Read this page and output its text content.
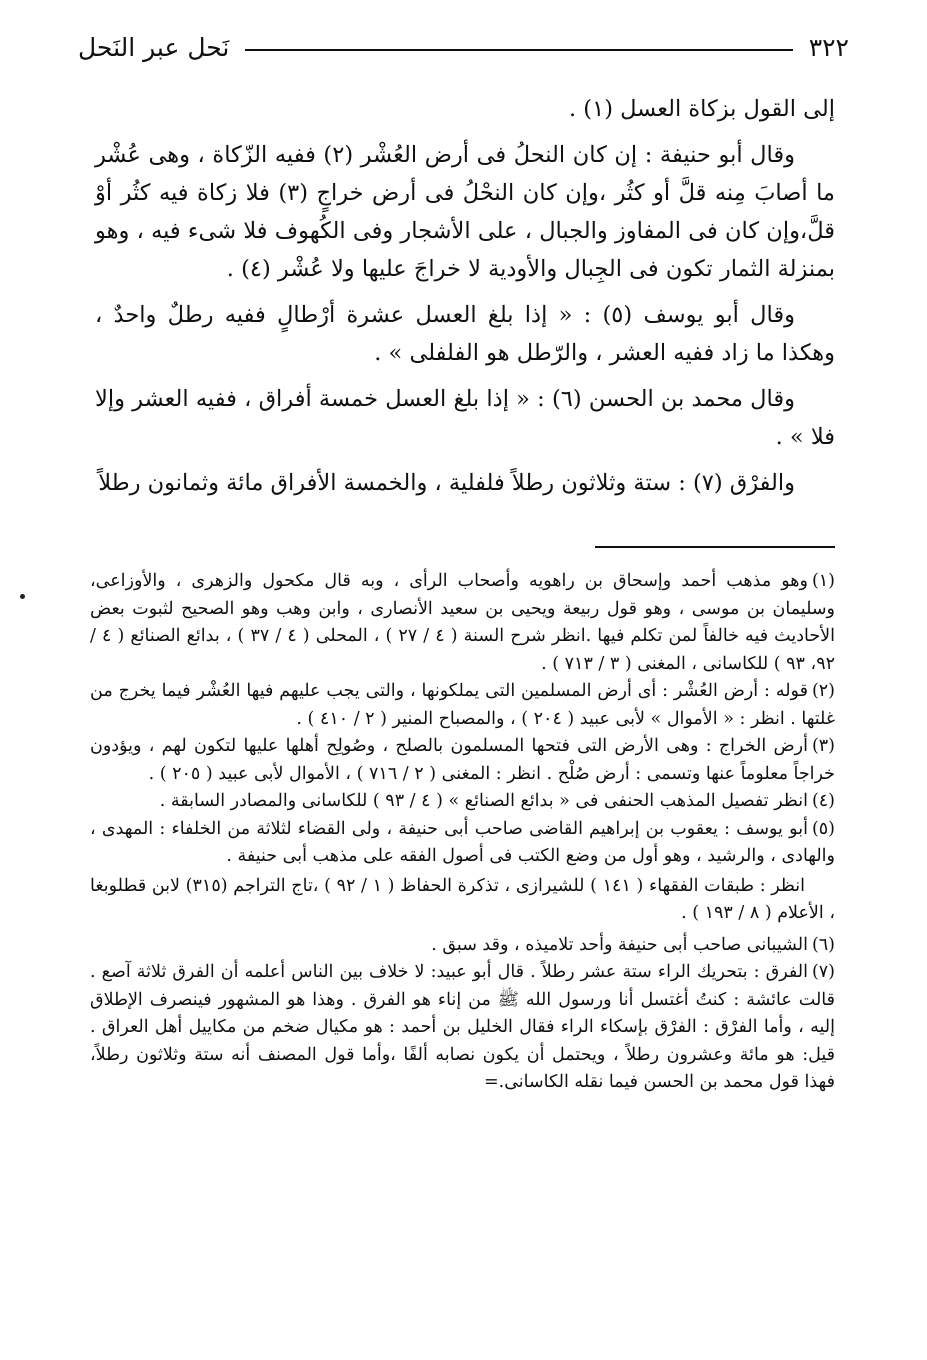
٣٢٢
نَحل عبر النَحل

إلى القول بزكاة العسل (١) .

وقال أبو حنيفة : إن كان النحلُ فى أرض العُشْر (٢) ففيه الزّكاة ، وهى عُشْر ما أصابَ مِنه قلَّ أو كثُر ،وإن كان النحْلُ فى أرض خراجٍ (٣) فلا زكاة فيه كثُر أوْ قلَّ،وإن كان فى المفاوز والجبال ، على الأشجار وفى الكُهوف فلا شىء فيه ، وهو بمنزلة الثمار تكون فى الجِبال والأودية لا خراجَ عليها ولا عُشْر (٤) .

وقال أبو يوسف (٥) : « إذا بلغ العسل عشرة أرْطالٍ ففيه رطلٌ واحدٌ ، وهكذا ما زاد ففيه العشر ، والرّطل هو الفلفلى » .

وقال محمد بن الحسن (٦) : « إذا بلغ العسل خمسة أفراق ، ففيه العشر وإلا فلا » .

والفرْق (٧) : ستة وثلاثون رطلاً فلفلية ، والخمسة الأفراق مائة وثمانون رطلاً

(١)وهو مذهب أحمد وإسحاق بن راهويه وأصحاب الرأى ، وبه قال مكحول والزهرى ، والأوزاعى، وسليمان بن موسى ، وهو قول ربيعة ويحيى بن سعيد الأنصارى ، وابن وهب وهو الصحيح لثبوت بعض الأحاديث فيه خالفاً لمن تكلم فيها .انظر شرح السنة ( ٤ / ٢٧ ) ، المحلى ( ٤ / ٣٧ ) ، بدائع الصنائع ( ٤ / ٩٢، ٩٣ ) للكاسانى ، المغنى ( ٣ / ٧١٣ ) .

(٢)قوله : أرض العُشْر : أى أرض المسلمين التى يملكونها ، والتى يجب عليهم فيها العُشْر فيما يخرج من غلتها . انظر : « الأموال » لأبى عبيد ( ٢٠٤ ) ، والمصباح المنير ( ٢ / ٤١٠ ) .

(٣)أرض الخراج : وهى الأرض التى فتحها المسلمون بالصلح ، وصُولِح أهلها عليها لتكون لهم ، ويؤدون خراجاً معلوماً عنها وتسمى : أرض صُلْح . انظر : المغنى ( ٢ / ٧١٦ ) ، الأموال لأبى عبيد ( ٢٠٥ ) .

(٤)انظر تفصيل المذهب الحنفى فى « بدائع الصنائع » ( ٤ / ٩٣ ) للكاسانى والمصادر السابقة .

(٥)أبو يوسف : يعقوب بن إبراهيم القاضى صاحب أبى حنيفة ، ولى القضاء لثلاثة من الخلفاء : المهدى ، والهادى ، والرشيد ، وهو أول من وضع الكتب فى أصول الفقه على مذهب أبى حنيفة .

انظر : طبقات الفقهاء ( ١٤١ ) للشيرازى ، تذكرة الحفاظ ( ١ / ٩٢ ) ،تاج التراجم (٣١٥) لابن قطلوبغا ، الأعلام ( ٨ / ١٩٣ ) .

(٦)الشيبانى صاحب أبى حنيفة وأحد تلاميذه ، وقد سبق .

(٧)الفرق : بتحريك الراء ستة عشر رطلاً . قال أبو عبيد: لا خلاف بين الناس أعلمه أن الفرق ثلاثة آصع . قالت عائشة : كنتُ أغتسل أنا ورسول الله ﷺ من إناء هو الفرق . وهذا هو المشهور فينصرف الإطلاق إليه ، وأما الفرْق : الفرْق بإسكاء الراء فقال الخليل بن أحمد : هو مكيال ضخم من مكاييل أهل العراق . قيل: هو مائة وعشرون رطلاً ، ويحتمل أن يكون نصابه ألفًا ،وأما قول المصنف أنه ستة وثلاثون رطلاً، فهذا قول محمد بن الحسن فيما نقله الكاسانى.=
